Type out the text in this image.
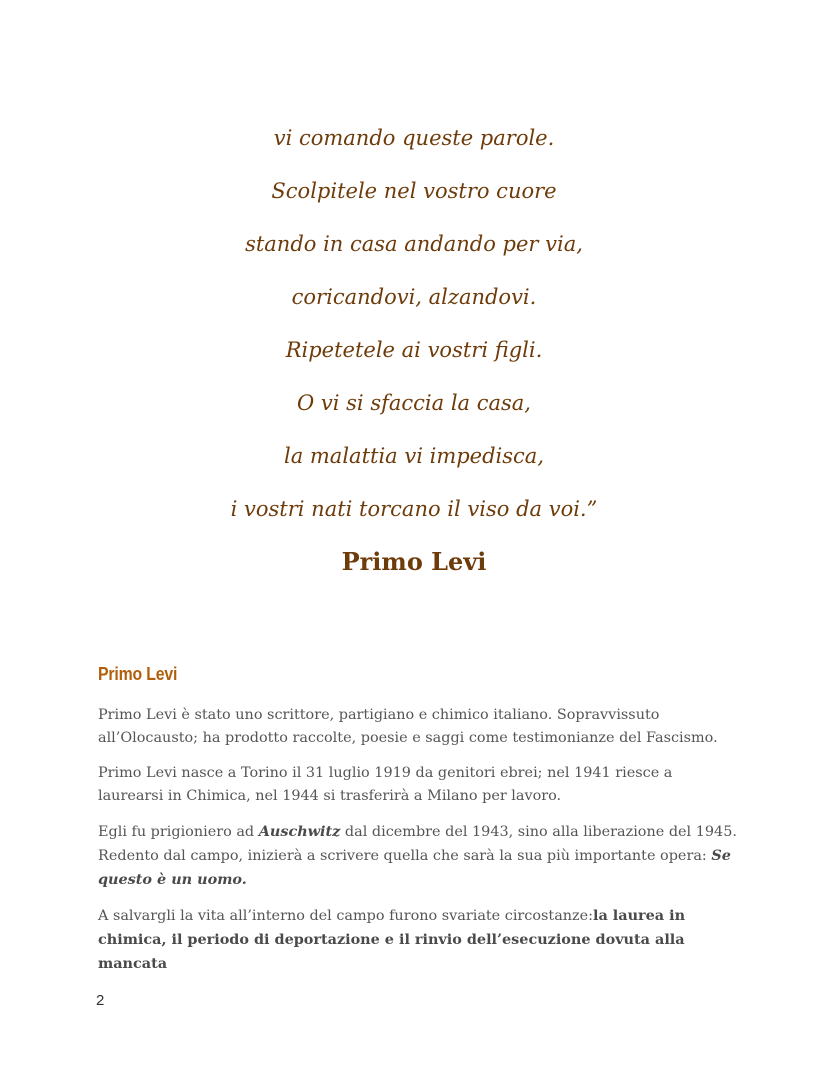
vi comando queste parole.

Scolpitele nel vostro cuore

stando in casa andando per via,

coricandovi, alzandovi.

Ripetetele ai vostri figli.

O vi si sfaccia la casa,

la malattia vi impedisca,

i vostri nati torcano il viso da voi.”

Primo Levi

Primo Levi

Primo Levi è stato uno scrittore, partigiano e chimico italiano. Sopravvissuto all’Olocausto; ha prodotto raccolte, poesie e saggi come testimonianze del Fascismo.

Primo Levi nasce a Torino il 31 luglio 1919 da genitori ebrei; nel 1941 riesce a laurearsi in Chimica, nel 1944 si trasferirà a Milano per lavoro.

Egli fu prigioniero ad Auschwitz dal dicembre del 1943, sino alla liberazione del 1945. Redento dal campo, inizierà a scrivere quella che sarà la sua più importante opera: Se questo è un uomo.

A salvargli la vita all’interno del campo furono svariate circostanze:la laurea in chimica, il periodo di deportazione e il rinvio dell’esecuzione dovuta alla mancata

2
